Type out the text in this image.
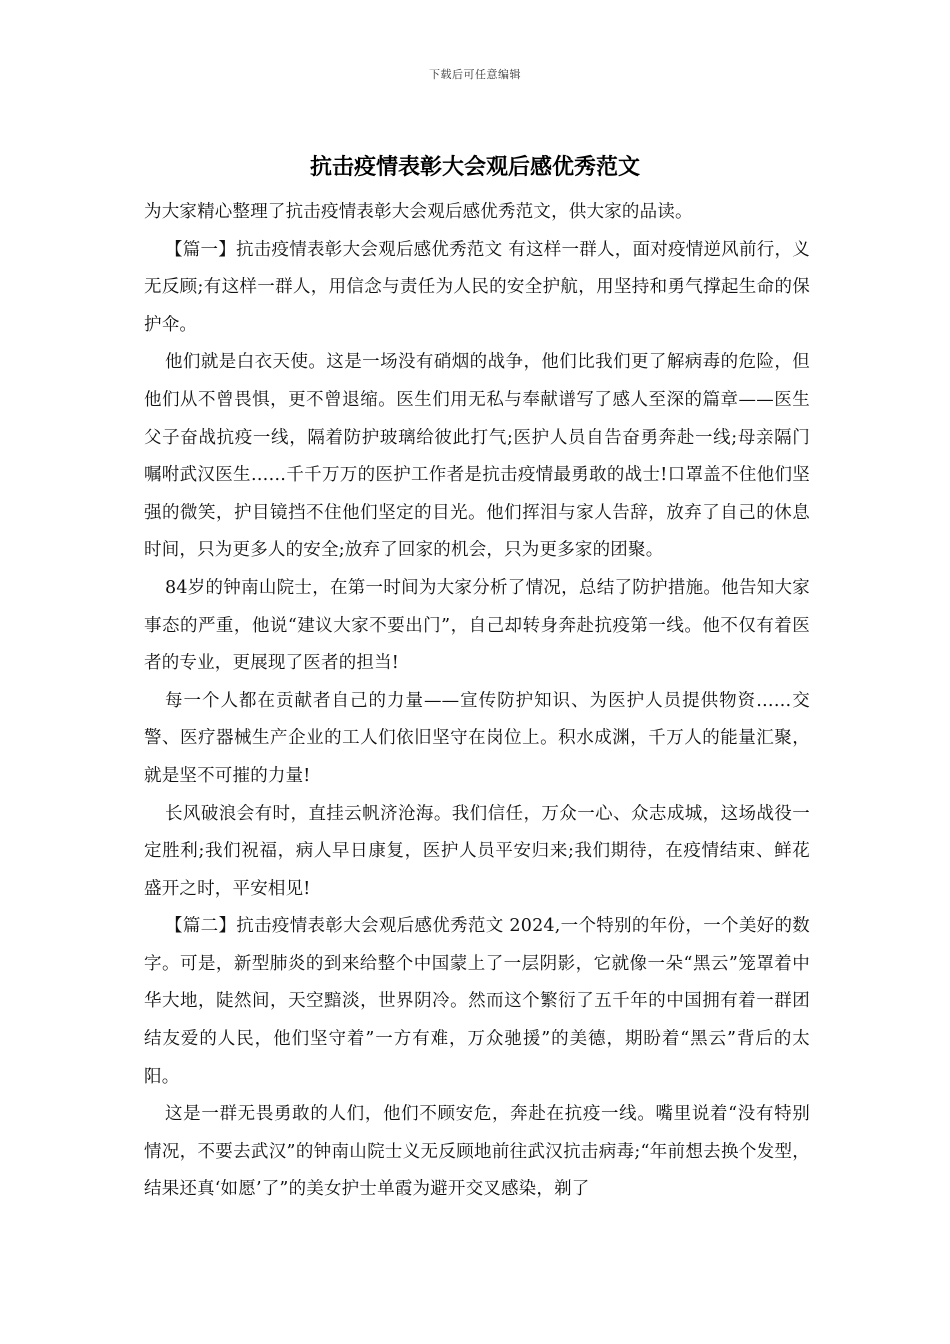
下载后可任意编辑
抗击疫情表彰大会观后感优秀范文

为大家精心整理了抗击疫情表彰大会观后感优秀范文，供大家的品读。

【篇一】抗击疫情表彰大会观后感优秀范文 有这样一群人，面对疫情逆风前行，义无反顾;有这样一群人，用信念与责任为人民的安全护航，用坚持和勇气撑起生命的保护伞。

他们就是白衣天使。这是一场没有硝烟的战争，他们比我们更了解病毒的危险，但他们从不曾畏惧，更不曾退缩。医生们用无私与奉献谱写了感人至深的篇章——医生父子奋战抗疫一线，隔着防护玻璃给彼此打气;医护人员自告奋勇奔赴一线;母亲隔门嘱咐武汉医生……千千万万的医护工作者是抗击疫情最勇敢的战士!口罩盖不住他们坚强的微笑，护目镜挡不住他们坚定的目光。他们挥泪与家人告辞，放弃了自己的休息时间，只为更多人的安全;放弃了回家的机会，只为更多家的团聚。

84岁的钟南山院士，在第一时间为大家分析了情况，总结了防护措施。他告知大家事态的严重，他说“建议大家不要出门”，自己却转身奔赴抗疫第一线。他不仅有着医者的专业，更展现了医者的担当!

每一个人都在贡献者自己的力量——宣传防护知识、为医护人员提供物资……交警、医疗器械生产企业的工人们依旧坚守在岗位上。积水成渊，千万人的能量汇聚，就是坚不可摧的力量!

长风破浪会有时，直挂云帆济沧海。我们信任，万众一心、众志成城，这场战役一定胜利;我们祝福，病人早日康复，医护人员平安归来;我们期待，在疫情结束、鲜花盛开之时，平安相见!

【篇二】抗击疫情表彰大会观后感优秀范文 2024,一个特别的年份，一个美好的数字。可是，新型肺炎的到来给整个中国蒙上了一层阴影，它就像一朵“黑云”笼罩着中华大地，陡然间，天空黯淡，世界阴冷。然而这个繁衍了五千年的中国拥有着一群团结友爱的人民，他们坚守着”一方有难，万众驰援”的美德，期盼着“黑云”背后的太阳。

这是一群无畏勇敢的人们，他们不顾安危，奔赴在抗疫一线。嘴里说着“没有特别情况，不要去武汉”的钟南山院士义无反顾地前往武汉抗击病毒;“年前想去换个发型，结果还真‘如愿’了”的美女护士单霞为避开交叉感染，剃了
